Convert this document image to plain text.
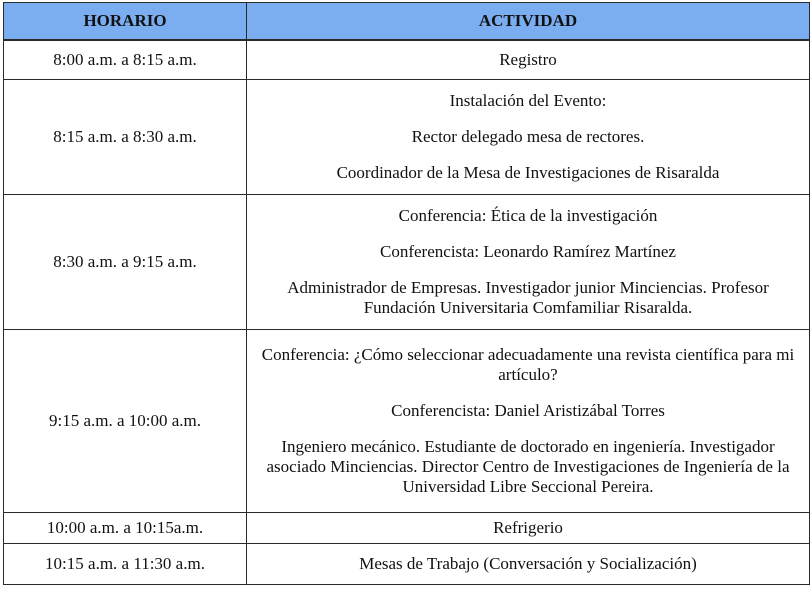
HORARIO	ACTIVIDAD
8:00 a.m. a 8:15 a.m.	Registro

8:15 a.m. a 8:30 a.m.	Instalación del Evento:

Rector delegado mesa de rectores.

Coordinador de la Mesa de Investigaciones de Risaralda

8:30 a.m. a 9:15 a.m.	Conferencia: Ética de la investigación

Conferencista: Leonardo Ramírez Martínez

Administrador de Empresas. Investigador junior Minciencias. Profesor Fundación Universitaria Comfamiliar Risaralda.

9:15 a.m. a 10:00 a.m.	Conferencia: ¿Cómo seleccionar adecuadamente una revista científica para mi artículo?

Conferencista: Daniel Aristizábal Torres

Ingeniero mecánico. Estudiante de doctorado en ingeniería. Investigador asociado Minciencias. Director Centro de Investigaciones de Ingeniería de la Universidad Libre Seccional Pereira.

10:00 a.m. a 10:15a.m.	Refrigerio

10:15 a.m. a 11:30 a.m.	Mesas de Trabajo (Conversación y Socialización)
